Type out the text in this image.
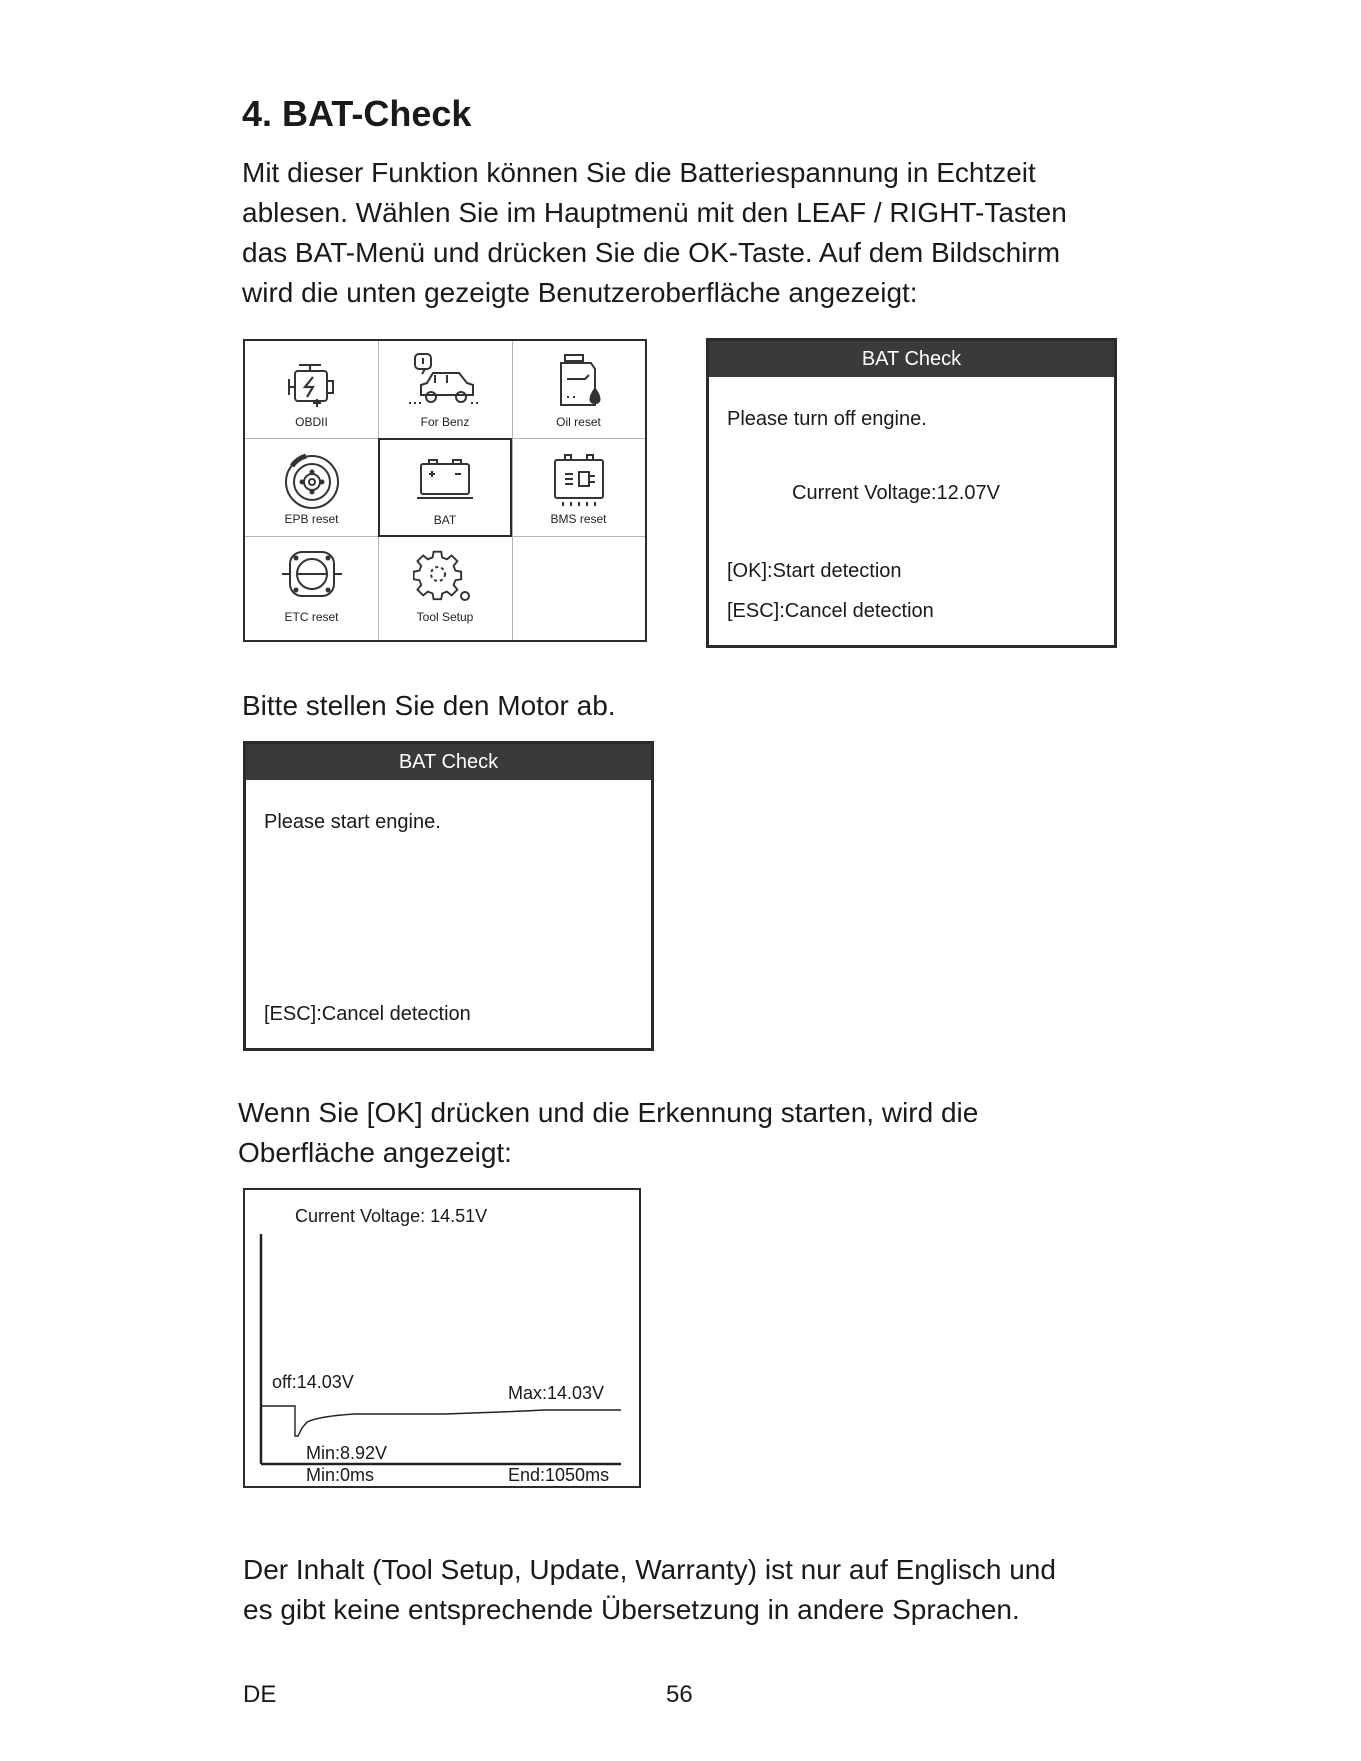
4. BAT-Check
Mit dieser Funktion können Sie die Batteriespannung in Echtzeit
ablesen. Wählen Sie im Hauptmenü mit den LEAF / RIGHT-Tasten
das BAT-Menü und drücken Sie die OK-Taste. Auf dem Bildschirm
wird die unten gezeigte Benutzeroberfläche angezeigt:
OBDII	For Benz	Oil reset
EPB reset	BAT	BMS reset
ETC reset	Tool Setup
BAT Check
Please turn off engine.
Current Voltage:12.07V
[OK]:Start detection
[ESC]:Cancel detection
Bitte stellen Sie den Motor ab.
BAT Check
Please start engine.
[ESC]:Cancel detection
Wenn Sie [OK] drücken und die Erkennung starten, wird die
Oberfläche angezeigt:
Current Voltage: 14.51V
off:14.03V
Max:14.03V
Min:8.92V
Min:0ms	End:1050ms
Der Inhalt (Tool Setup, Update, Warranty) ist nur auf Englisch und
es gibt keine entsprechende Übersetzung in andere Sprachen.
DE	56
